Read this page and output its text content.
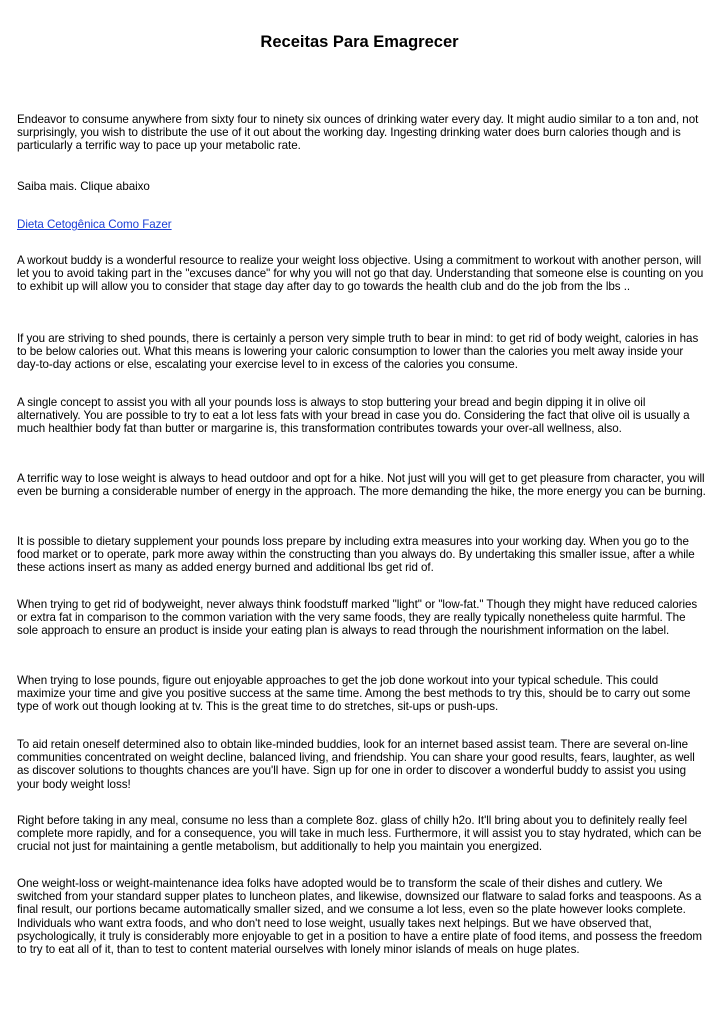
Receitas Para Emagrecer

Endeavor to consume anywhere from sixty four to ninety six ounces of drinking water every day. It might audio similar to a ton and, not surprisingly, you wish to distribute the use of it out about the working day. Ingesting drinking water does burn calories though and is particularly a terrific way to pace up your metabolic rate.

Saiba mais. Clique abaixo

Dieta Cetogênica Como Fazer

A workout buddy is a wonderful resource to realize your weight loss objective. Using a commitment to workout with another person, will let you to avoid taking part in the "excuses dance" for why you will not go that day. Understanding that someone else is counting on you to exhibit up will allow you to consider that stage day after day to go towards the health club and do the job from the lbs ..

If you are striving to shed pounds, there is certainly a person very simple truth to bear in mind: to get rid of body weight, calories in has to be below calories out. What this means is lowering your caloric consumption to lower than the calories you melt away inside your day-to-day actions or else, escalating your exercise level to in excess of the calories you consume.

A single concept to assist you with all your pounds loss is always to stop buttering your bread and begin dipping it in olive oil alternatively. You are possible to try to eat a lot less fats with your bread in case you do. Considering the fact that olive oil is usually a much healthier body fat than butter or margarine is, this transformation contributes towards your over-all wellness, also.

A terrific way to lose weight is always to head outdoor and opt for a hike. Not just will you will get to get pleasure from character, you will even be burning a considerable number of energy in the approach. The more demanding the hike, the more energy you can be burning.

It is possible to dietary supplement your pounds loss prepare by including extra measures into your working day. When you go to the food market or to operate, park more away within the constructing than you always do. By undertaking this smaller issue, after a while these actions insert as many as added energy burned and additional lbs get rid of.

When trying to get rid of bodyweight, never always think foodstuff marked "light" or "low-fat." Though they might have reduced calories or extra fat in comparison to the common variation with the very same foods, they are really typically nonetheless quite harmful. The sole approach to ensure an product is inside your eating plan is always to read through the nourishment information on the label.

When trying to lose pounds, figure out enjoyable approaches to get the job done workout into your typical schedule. This could maximize your time and give you positive success at the same time. Among the best methods to try this, should be to carry out some type of work out though looking at tv. This is the great time to do stretches, sit-ups or push-ups.

To aid retain oneself determined also to obtain like-minded buddies, look for an internet based assist team. There are several on-line communities concentrated on weight decline, balanced living, and friendship. You can share your good results, fears, laughter, as well as discover solutions to thoughts chances are you'll have. Sign up for one in order to discover a wonderful buddy to assist you using your body weight loss!

Right before taking in any meal, consume no less than a complete 8oz. glass of chilly h2o. It'll bring about you to definitely really feel complete more rapidly, and for a consequence, you will take in much less. Furthermore, it will assist you to stay hydrated, which can be crucial not just for maintaining a gentle metabolism, but additionally to help you maintain you energized.

One weight-loss or weight-maintenance idea folks have adopted would be to transform the scale of their dishes and cutlery. We switched from your standard supper plates to luncheon plates, and likewise, downsized our flatware to salad forks and teaspoons. As a final result, our portions became automatically smaller sized, and we consume a lot less, even so the plate however looks complete. Individuals who want extra foods, and who don't need to lose weight, usually takes next helpings. But we have observed that, psychologically, it truly is considerably more enjoyable to get in a position to have a entire plate of food items, and possess the freedom to try to eat all of it, than to test to content material ourselves with lonely minor islands of meals on huge plates.
